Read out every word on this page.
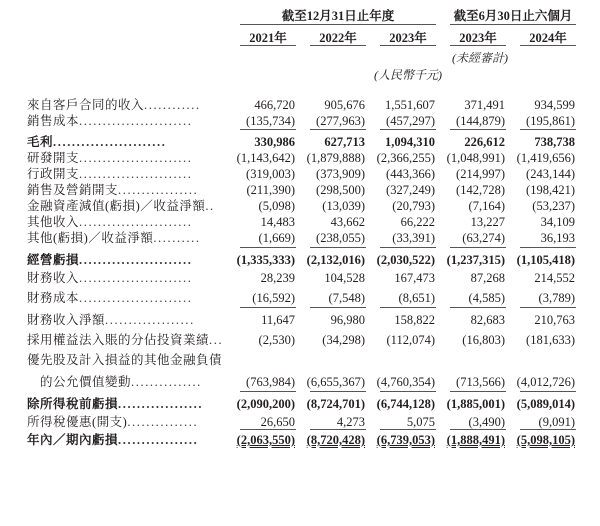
截至12月31日止年度	截至6月30日止六個月
2021年	2022年	2023年	2023年	2024年
(未經審計)
(人民幣千元)
來自客戶合同的收入............	466,720	905,676	1,551,607	371,491	934,599
銷售成本........................	(135,734)	(277,963)	(457,297)	(144,879)	(195,861)
毛利........................	330,986	627,713	1,094,310	226,612	738,738
研發開支........................	(1,143,642) (1,879,888) (2,366,255) (1,048,991) (1,419,656)
行政開支........................	(319,003)	(373,909)	(443,366)	(214,997)	(243,144)
銷售及營銷開支.................	(211,390)	(298,500)	(327,249)	(142,728)	(198,421)
金融資產減值(虧損)／收益淨額..	(5,098)	(13,039)	(20,793)	(7,164)	(53,237)
其他收入........................	14,483	43,662	66,222	13,227	34,109
其他(虧損)／收益淨額..........	(1,669)	(238,055)	(33,391)	(63,274)	36,193
經營虧損........................	(1,335,333) (2,132,016) (2,030,522) (1,237,315) (1,105,418)
財務收入........................	28,239	104,528	167,473	87,268	214,552
財務成本........................	(16,592)	(7,548)	(8,651)	(4,585)	(3,789)
財務收入淨額...................	11,647	96,980	158,822	82,683	210,763
採用權益法入賬的分佔投資業績...	(2,530)	(34,298)	(112,074)	(16,803)	(181,633)
優先股及計入損益的其他金融負債
的公允價值變動...............	(763,984) (6,655,367) (4,760,354)	(713,566) (4,012,726)
除所得稅前虧損..................	(2,090,200) (8,724,701) (6,744,128) (1,885,001) (5,089,014)
所得稅優惠(開支)...............	26,650	4,273	5,075	(3,490)	(9,091)
年內／期內虧損.................	(2,063,550) (8,720,428) (6,739,053) (1,888,491) (5,098,105)
